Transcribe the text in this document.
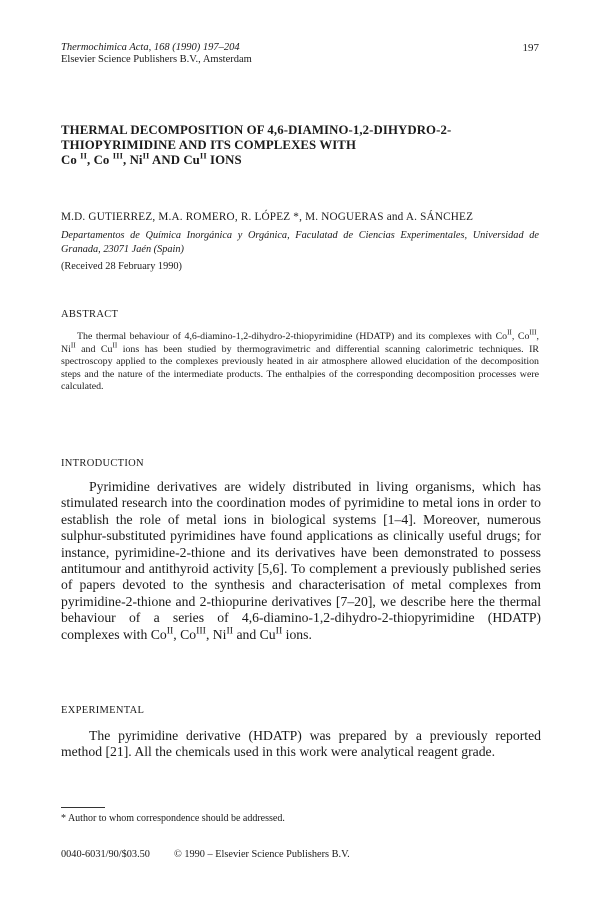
Thermochimica Acta, 168 (1990) 197–204
Elsevier Science Publishers B.V., Amsterdam
197
THERMAL DECOMPOSITION OF 4,6-DIAMINO-1,2-DIHYDRO-2-
THIOPYRIMIDINE AND ITS COMPLEXES WITH
Co $^{II}$, Co $^{III}$, $Ni^{II}$ AND $Cu^{II}$ IONS
M.D. GUTIERREZ, M.A. ROMERO, R. LÓPEZ *, M. NOGUERAS and A. SÁNCHEZ
Departamentos de Química Inorgánica y Orgánica, Faculatad de Ciencias Experimentales, Universidad de Granada, 23071 Jaén (Spain)
(Received 28 February 1990)
ABSTRACT
The thermal behaviour of 4,6-diamino-1,2-dihydro-2-thiopyrimidine (HDATP) and its complexes with $Co^{II}$, $Co^{III}$, $Ni^{II}$ and $Cu^{II}$ ions has been studied by thermogravimetric and differential scanning calorimetric techniques. IR spectroscopy applied to the complexes previously heated in air atmosphere allowed elucidation of the decomposition steps and the nature of the intermediate products. The enthalpies of the corresponding decomposition processes were calculated.
INTRODUCTION
Pyrimidine derivatives are widely distributed in living organisms, which has stimulated research into the coordination modes of pyrimidine to metal ions in order to establish the role of metal ions in biological systems [1–4]. Moreover, numerous sulphur-substituted pyrimidines have found applications as clinically useful drugs; for instance, pyrimidine-2-thione and its derivatives have been demonstrated to possess antitumour and antithyroid activity [5,6]. To complement a previously published series of papers devoted to the synthesis and characterisation of metal complexes from pyrimidine-2-thione and 2-thiopurine derivatives [7–20], we describe here the thermal behaviour of a series of 4,6-diamino-1,2-dihydro-2-thiopyrimidine (HDATP) complexes with $Co^{II}$, $Co^{III}$, $Ni^{II}$ and $Cu^{II}$ ions.
EXPERIMENTAL
The pyrimidine derivative (HDATP) was prepared by a previously reported method [21]. All the chemicals used in this work were analytical reagent grade.
* Author to whom correspondence should be addressed.
0040-6031/90/$03.50 © 1990 – Elsevier Science Publishers B.V.
